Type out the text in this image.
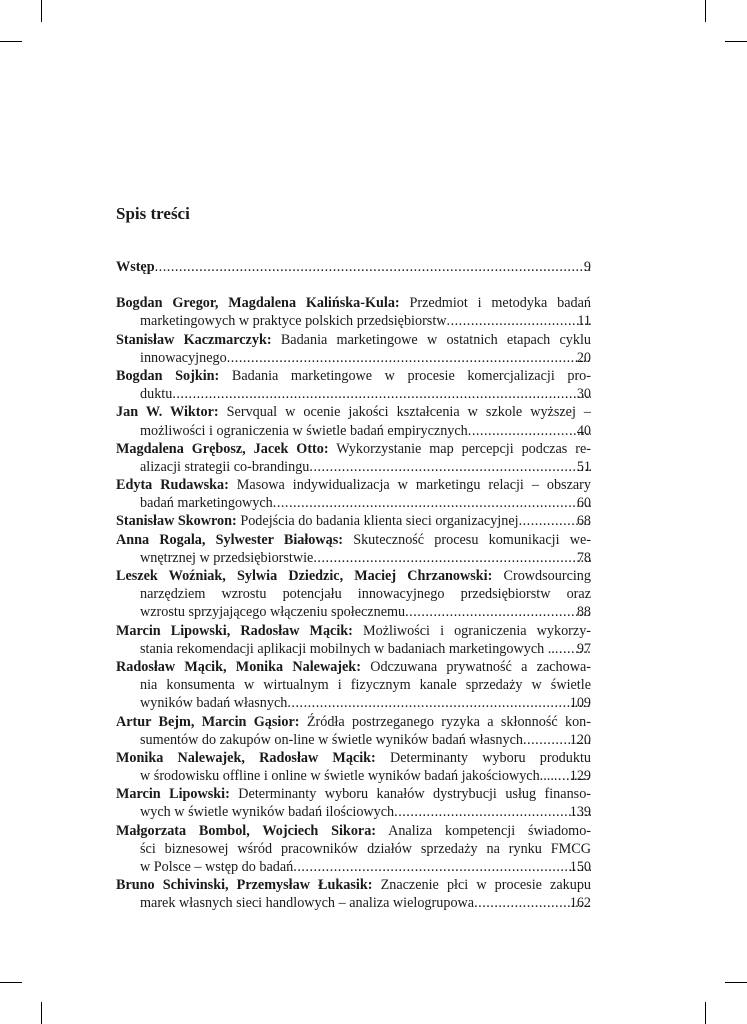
Spis treści
Wstęp .....	9
Bogdan Gregor, Magdalena Kalińska-Kula: Przedmiot i metodyka badań
marketingowych w praktyce polskich przedsiębiorstw .....	11
Stanisław Kaczmarczyk: Badania marketingowe w ostatnich etapach cyklu
innowacyjnego .....	20
Bogdan Sojkin: Badania marketingowe w procesie komercjalizacji pro-
duktu .....	30
Jan W. Wiktor: Servqual w ocenie jakości kształcenia w szkole wyższej –
możliwości i ograniczenia w świetle badań empirycznych .....	40
Magdalena Grębosz, Jacek Otto: Wykorzystanie map percepcji podczas re-
alizacji strategii co-brandingu .....	51
Edyta Rudawska: Masowa indywidualizacja w marketingu relacji – obszary
badań marketingowych .....	60
Stanisław Skowron: Podejścia do badania klienta sieci organizacyjnej .....	68
Anna Rogala, Sylwester Białowąs: Skuteczność procesu komunikacji we-
wnętrznej w przedsiębiorstwie .....	78
Leszek Woźniak, Sylwia Dziedzic, Maciej Chrzanowski: Crowdsourcing
narzędziem wzrostu potencjału innowacyjnego przedsiębiorstw oraz
wzrostu sprzyjającego włączeniu społecznemu .....	88
Marcin Lipowski, Radosław Mącik: Możliwości i ograniczenia wykorzy-
stania rekomendacji aplikacji mobilnych w badaniach marketingowych .. .....	97
Radosław Mącik, Monika Nalewajek: Odczuwana prywatność a zachowa-
nia konsumenta w wirtualnym i fizycznym kanale sprzedaży w świetle
wyników badań własnych .....	109
Artur Bejm, Marcin Gąsior: Źródła postrzeganego ryzyka a skłonność kon-
sumentów do zakupów on-line w świetle wyników badań własnych .....	120
Monika Nalewajek, Radosław Mącik: Determinanty wyboru produktu
w środowisku offline i online w świetle wyników badań jakościowych.... .....	129
Marcin Lipowski: Determinanty wyboru kanałów dystrybucji usług finanso-
wych w świetle wyników badań ilościowych .....	139
Małgorzata Bombol, Wojciech Sikora: Analiza kompetencji świadomo-
ści biznesowej wśród pracowników działów sprzedaży na rynku FMCG
w Polsce – wstęp do badań .....	150
Bruno Schivinski, Przemysław Łukasik: Znaczenie płci w procesie zakupu
marek własnych sieci handlowych – analiza wielogrupowa .....	162
